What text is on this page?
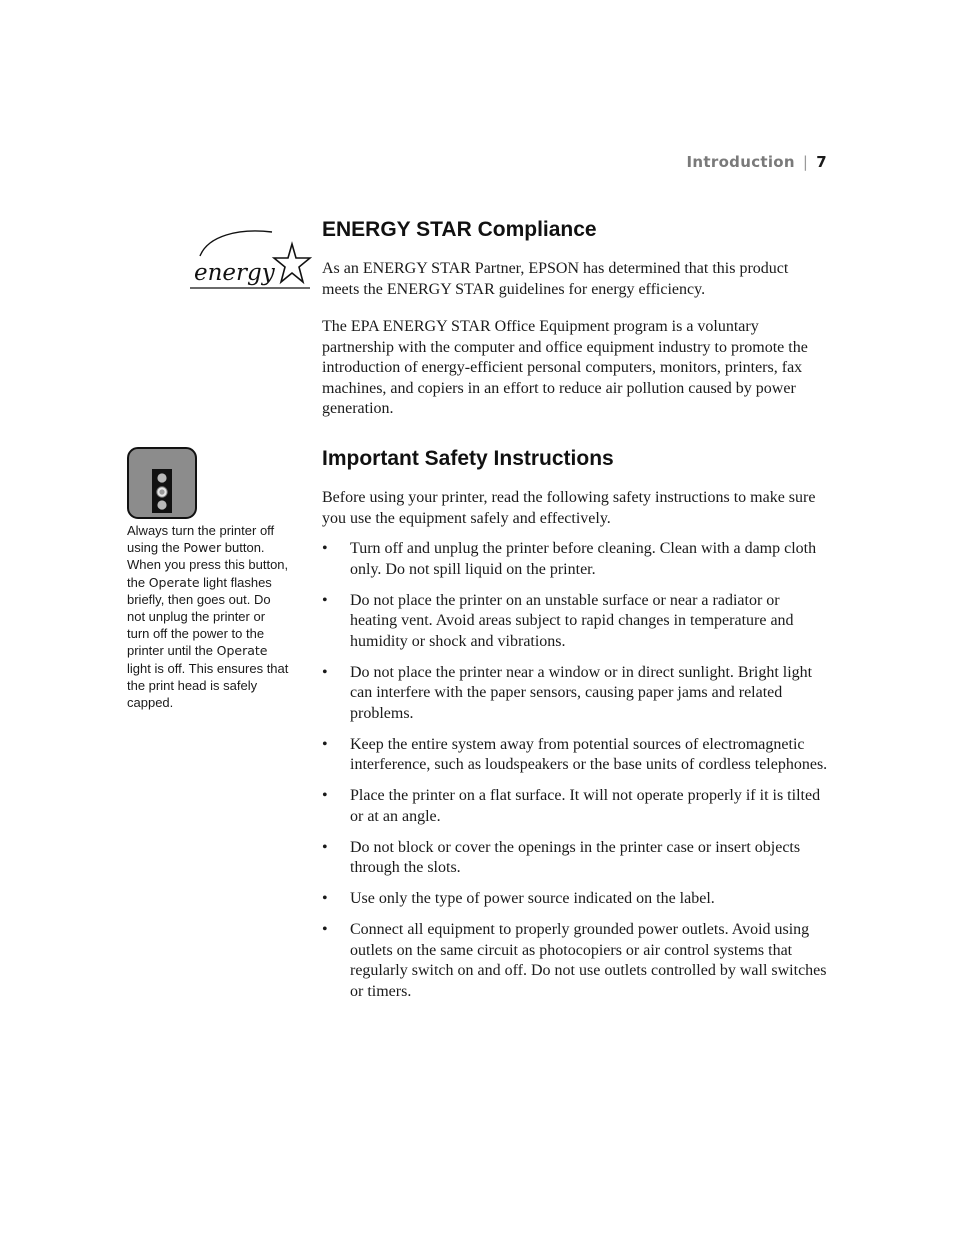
Introduction | 7
energy
ENERGY STAR Compliance

As an ENERGY STAR Partner, EPSON has determined that this product meets the ENERGY STAR guidelines for energy efficiency.

The EPA ENERGY STAR Office Equipment program is a voluntary partnership with the computer and office equipment industry to promote the introduction of energy-efficient personal computers, monitors, printers, fax machines, and copiers in an effort to reduce air pollution caused by power generation.

Always turn the printer off using the Power button. When you press this button, the Operate light flashes briefly, then goes out. Do not unplug the printer or turn off the power to the printer until the Operate light is off. This ensures that the print head is safely capped.

Important Safety Instructions

Before using your printer, read the following safety instructions to make sure you use the equipment safely and effectively.

• Turn off and unplug the printer before cleaning. Clean with a damp cloth only. Do not spill liquid on the printer.
• Do not place the printer on an unstable surface or near a radiator or heating vent. Avoid areas subject to rapid changes in temperature and humidity or shock and vibrations.
• Do not place the printer near a window or in direct sunlight. Bright light can interfere with the paper sensors, causing paper jams and related problems.
• Keep the entire system away from potential sources of electromagnetic interference, such as loudspeakers or the base units of cordless telephones.
• Place the printer on a flat surface. It will not operate properly if it is tilted or at an angle.
• Do not block or cover the openings in the printer case or insert objects through the slots.
• Use only the type of power source indicated on the label.
• Connect all equipment to properly grounded power outlets. Avoid using outlets on the same circuit as photocopiers or air control systems that regularly switch on and off. Do not use outlets controlled by wall switches or timers.
